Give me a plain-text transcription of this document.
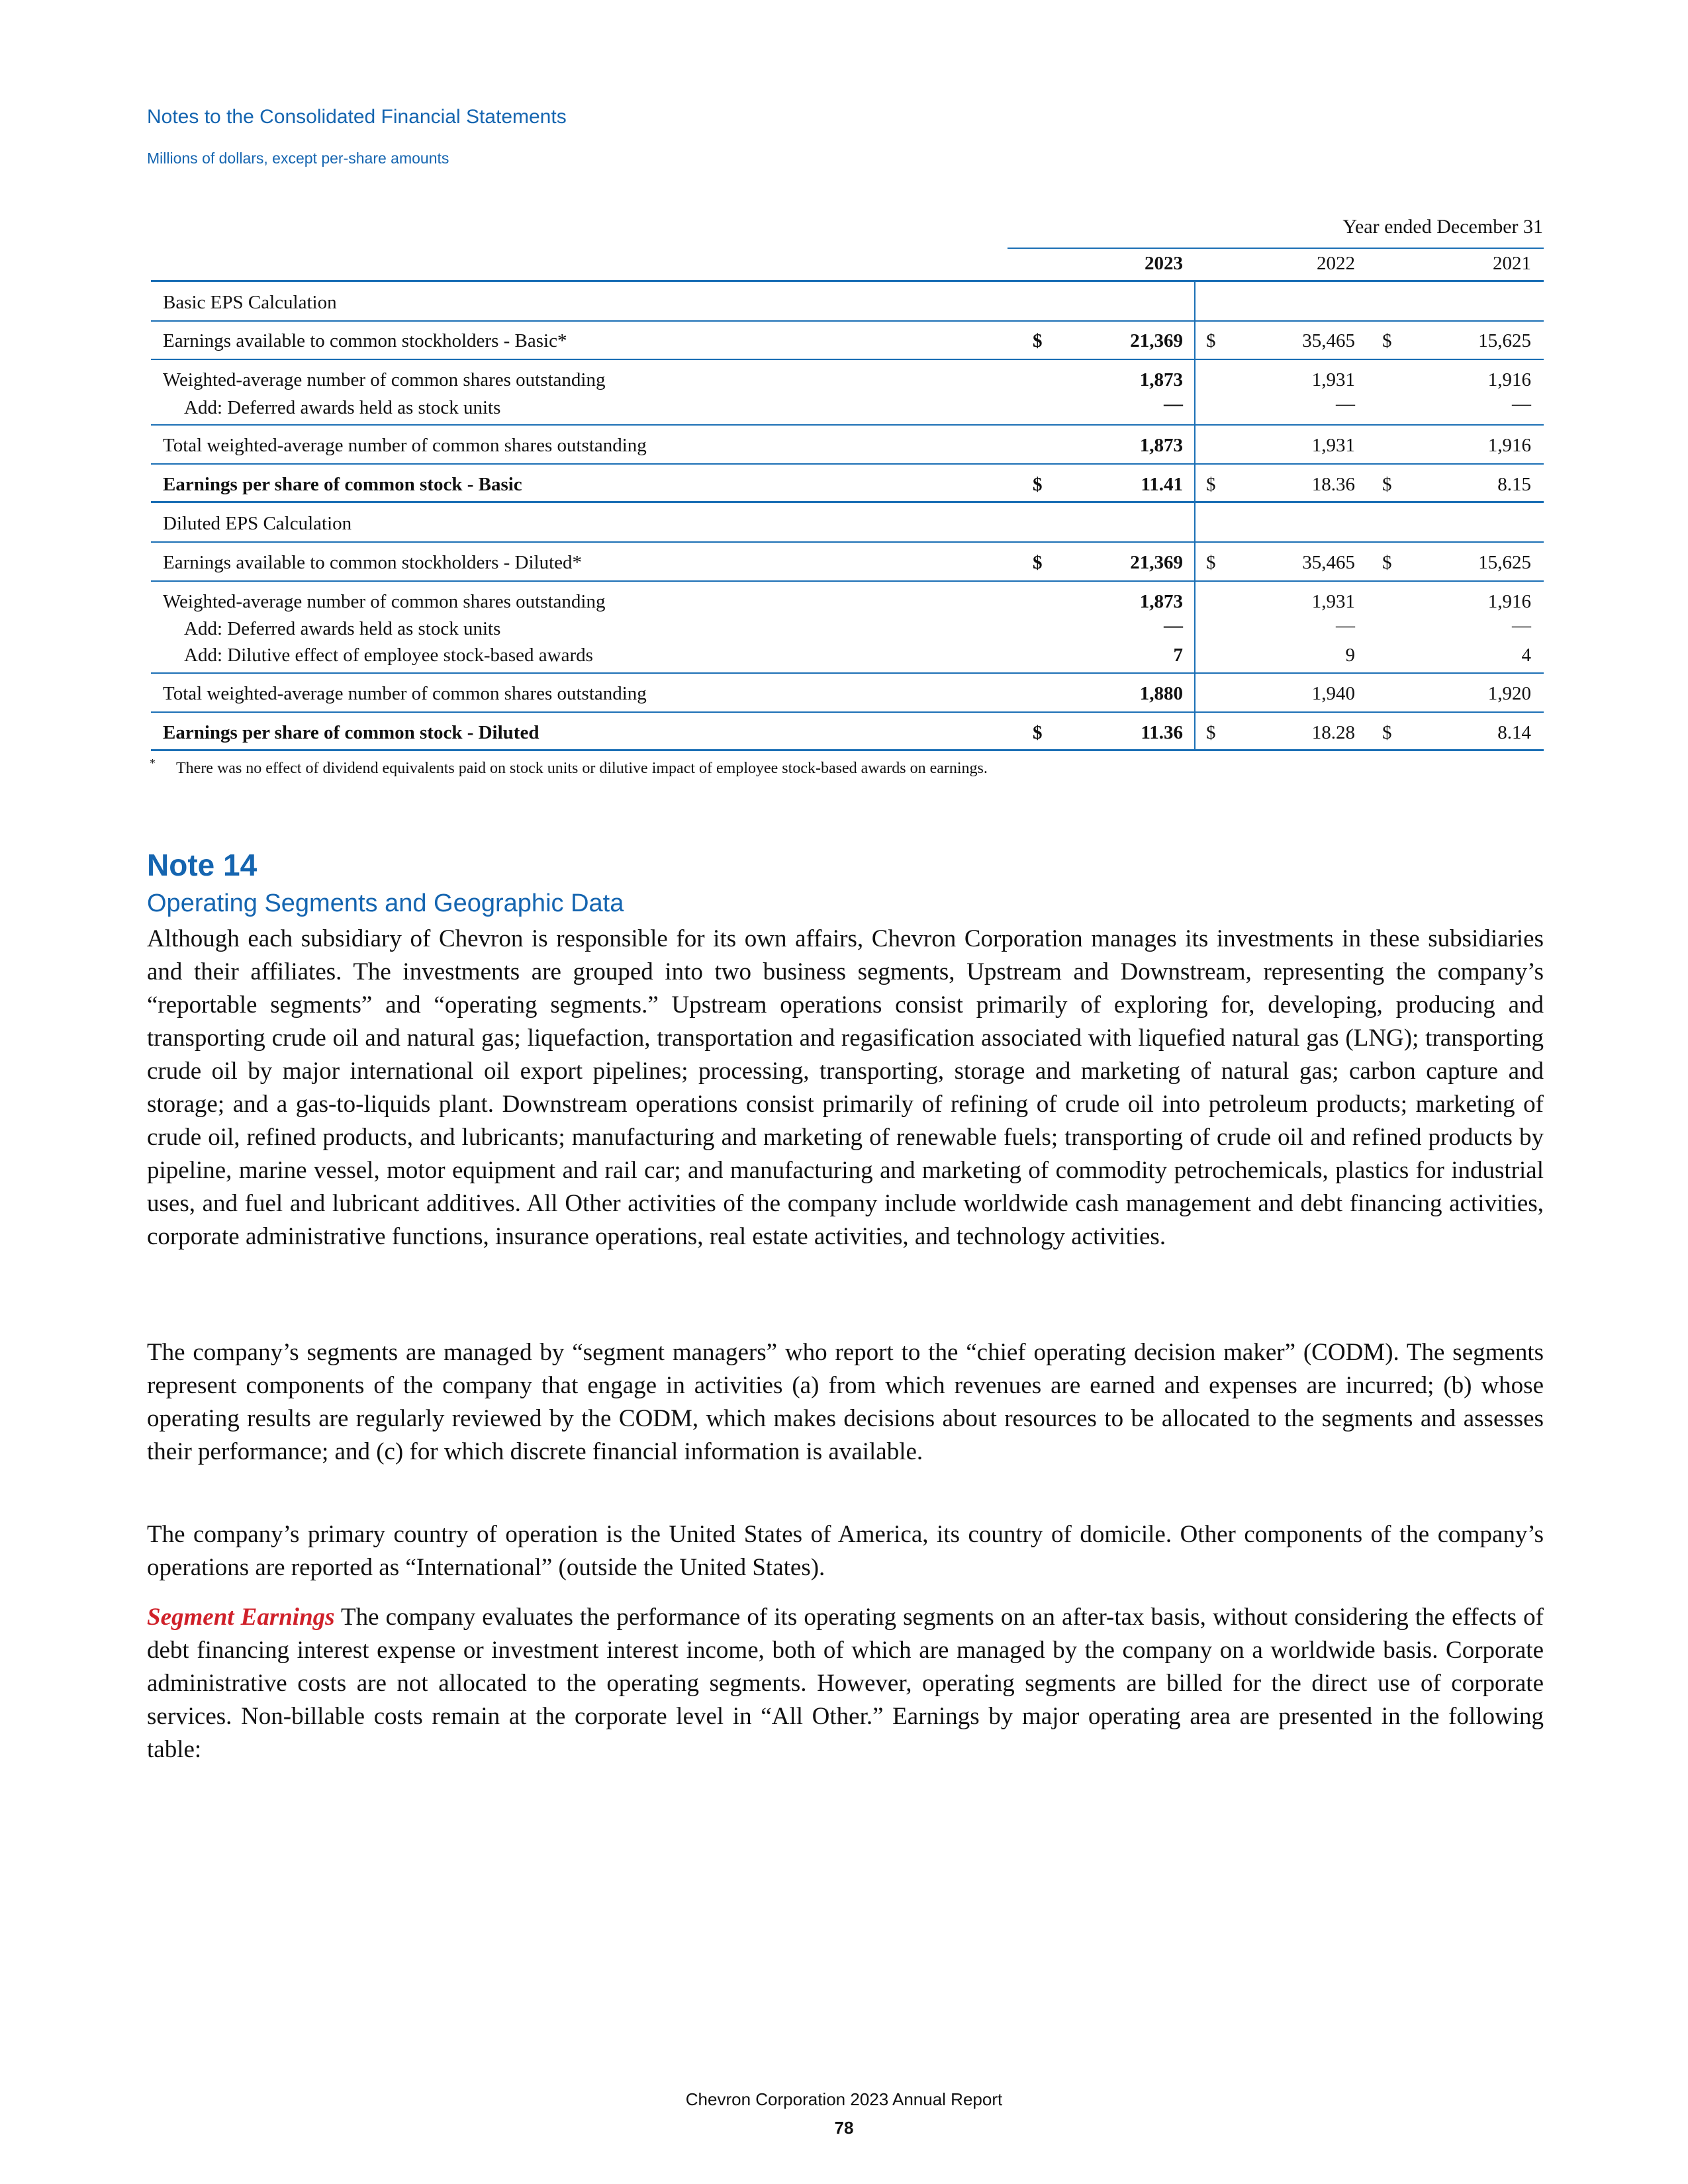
Notes to the Consolidated Financial Statements
Millions of dollars, except per-share amounts
Year ended December 31
2023	2022	2021
Basic EPS Calculation
Earnings available to common stockholders - Basic*	$	21,369 $	35,465 $	15,625
Weighted-average number of common shares outstanding	1,873	1,931	1,916
Add: Deferred awards held as stock units	—	—	—
Total weighted-average number of common shares outstanding	1,873	1,931	1,916
Earnings per share of common stock - Basic	$	11.41 $	18.36 $	8.15
Diluted EPS Calculation
Earnings available to common stockholders - Diluted*	$	21,369 $	35,465 $	15,625
Weighted-average number of common shares outstanding	1,873	1,931	1,916
Add: Deferred awards held as stock units	—	—	—
Add: Dilutive effect of employee stock-based awards	7	9	4
Total weighted-average number of common shares outstanding	1,880	1,940	1,920
Earnings per share of common stock - Diluted	$	11.36 $	18.28 $	8.14
* There was no effect of dividend equivalents paid on stock units or dilutive impact of employee stock-based awards on earnings.
Note 14
Operating Segments and Geographic Data

Although each subsidiary of Chevron is responsible for its own affairs, Chevron Corporation manages its investments in these subsidiaries and their affiliates. The investments are grouped into two business segments, Upstream and Downstream, representing the company’s “reportable segments” and “operating segments.” Upstream operations consist primarily of exploring for, developing, producing and transporting crude oil and natural gas; liquefaction, transportation and regasification associated with liquefied natural gas (LNG); transporting crude oil by major international oil export pipelines; processing, transporting, storage and marketing of natural gas; carbon capture and storage; and a gas-to-liquids plant. Downstream operations consist primarily of refining of crude oil into petroleum products; marketing of crude oil, refined products, and lubricants; manufacturing and marketing of renewable fuels; transporting of crude oil and refined products by pipeline, marine vessel, motor equipment and rail car; and manufacturing and marketing of commodity petrochemicals, plastics for industrial uses, and fuel and lubricant additives. All Other activities of the company include worldwide cash management and debt financing activities, corporate administrative functions, insurance operations, real estate activities, and technology activities.

The company’s segments are managed by “segment managers” who report to the “chief operating decision maker” (CODM). The segments represent components of the company that engage in activities (a) from which revenues are earned and expenses are incurred; (b) whose operating results are regularly reviewed by the CODM, which makes decisions about resources to be allocated to the segments and assesses their performance; and (c) for which discrete financial information is available.

The company’s primary country of operation is the United States of America, its country of domicile. Other components of the company’s operations are reported as “International” (outside the United States).

Segment Earnings The company evaluates the performance of its operating segments on an after-tax basis, without considering the effects of debt financing interest expense or investment interest income, both of which are managed by the company on a worldwide basis. Corporate administrative costs are not allocated to the operating segments. However, operating segments are billed for the direct use of corporate services. Non-billable costs remain at the corporate level in “All Other.” Earnings by major operating area are presented in the following table:

Chevron Corporation 2023 Annual Report
78
